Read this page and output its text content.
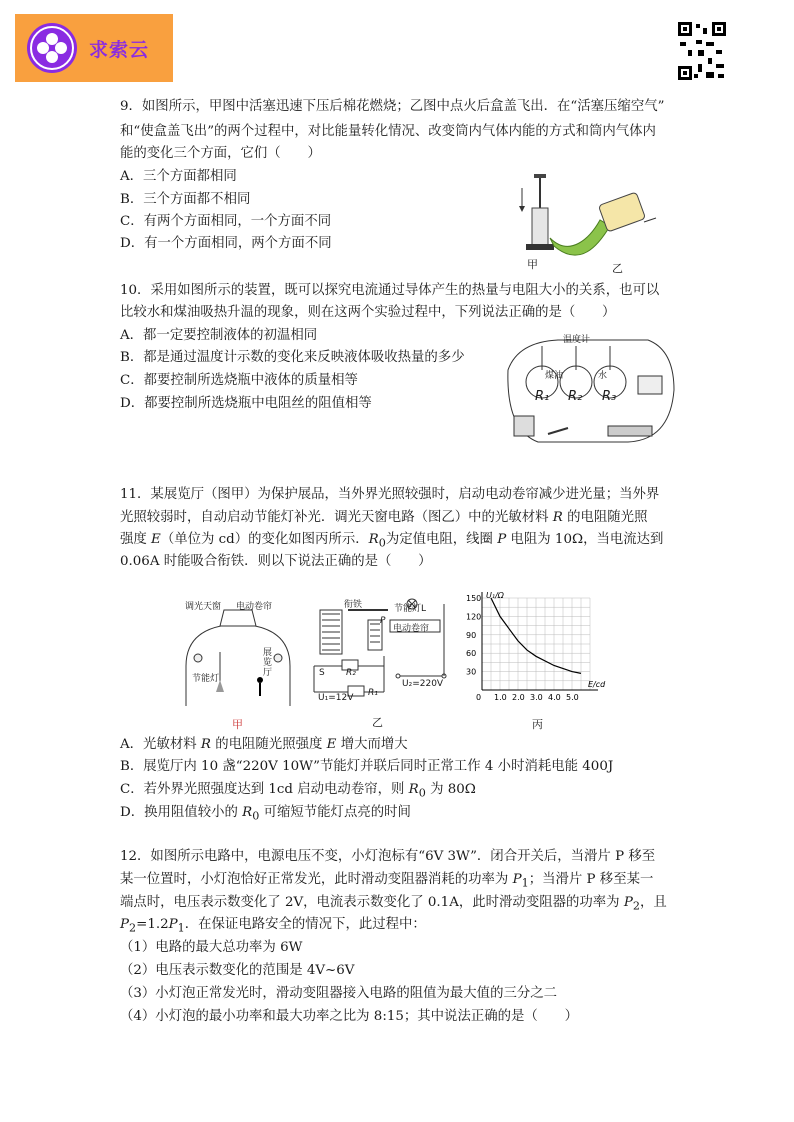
求索云
9．如图所示，甲图中活塞迅速下压后棉花燃烧；乙图中点火后盒盖飞出．在“活塞压缩空气”
和“使盒盖飞出”的两个过程中，对比能量转化情况、改变筒内气体内能的方式和筒内气体内
能的变化三个方面，它们（　　）
A．三个方面都相同
B．三个方面都不相同
C．有两个方面相同，一个方面不同
D．有一个方面相同，两个方面不同
甲	乙
10．采用如图所示的装置，既可以探究电流通过导体产生的热量与电阻大小的关系，也可以
比较水和煤油吸热升温的现象，则在这两个实验过程中，下列说法正确的是（　　）
A．都一定要控制液体的初温相同
B．都是通过温度计示数的变化来反映液体吸收热量的多少
C．都要控制所选烧瓶中液体的质量相等
D．都要控制所选烧瓶中电阻丝的阻值相等
温度计
煤油	水
R₁ R₂ R₃
11．某展览厅（图甲）为保护展品，当外界光照较强时，启动电动卷帘减少进光量；当外界
光照较弱时，自动启动节能灯补光．调光天窗电路（图乙）中的光敏材料 R 的电阻随光照
强度 E（单位为 cd）的变化如图丙所示．$R_0$为定值电阻，线圈 P 电阻为 10Ω，当电流达到
0.06A 时能吸合衔铁．则以下说法正确的是（　　）
调光天窗 电动卷帘
节能灯
展览厅
甲
衔铁	节能灯L
电动卷帘
P
S R₂
R₁
U₁=12V
U₂=220V
乙
0 1.0 2.0 3.0 4.0 5.0
30
60
90
120
150 U₁/Ω
E/cd
丙
A．光敏材料 R 的电阻随光照强度 E 增大而增大
B．展览厅内 10 盏“220V 10W”节能灯并联后同时正常工作 4 小时消耗电能 400J
C．若外界光照强度达到 1cd 启动电动卷帘，则 $R_0$ 为 80Ω
D．换用阻值较小的 $R_0$ 可缩短节能灯点亮的时间
12．如图所示电路中，电源电压不变，小灯泡标有“6V 3W”．闭合开关后，当滑片 P 移至
某一位置时，小灯泡恰好正常发光，此时滑动变阻器消耗的功率为 $P_1$；当滑片 P 移至某一
端点时，电压表示数变化了 2V，电流表示数变化了 0.1A，此时滑动变阻器的功率为 $P_2$，且
$P_2=1.2P_1$．在保证电路安全的情况下，此过程中：
（1）电路的最大总功率为 6W
（2）电压表示数变化的范围是 4V~6V
（3）小灯泡正常发光时，滑动变阻器接入电路的阻值为最大值的三分之二
（4）小灯泡的最小功率和最大功率之比为 8:15；其中说法正确的是（　　）
